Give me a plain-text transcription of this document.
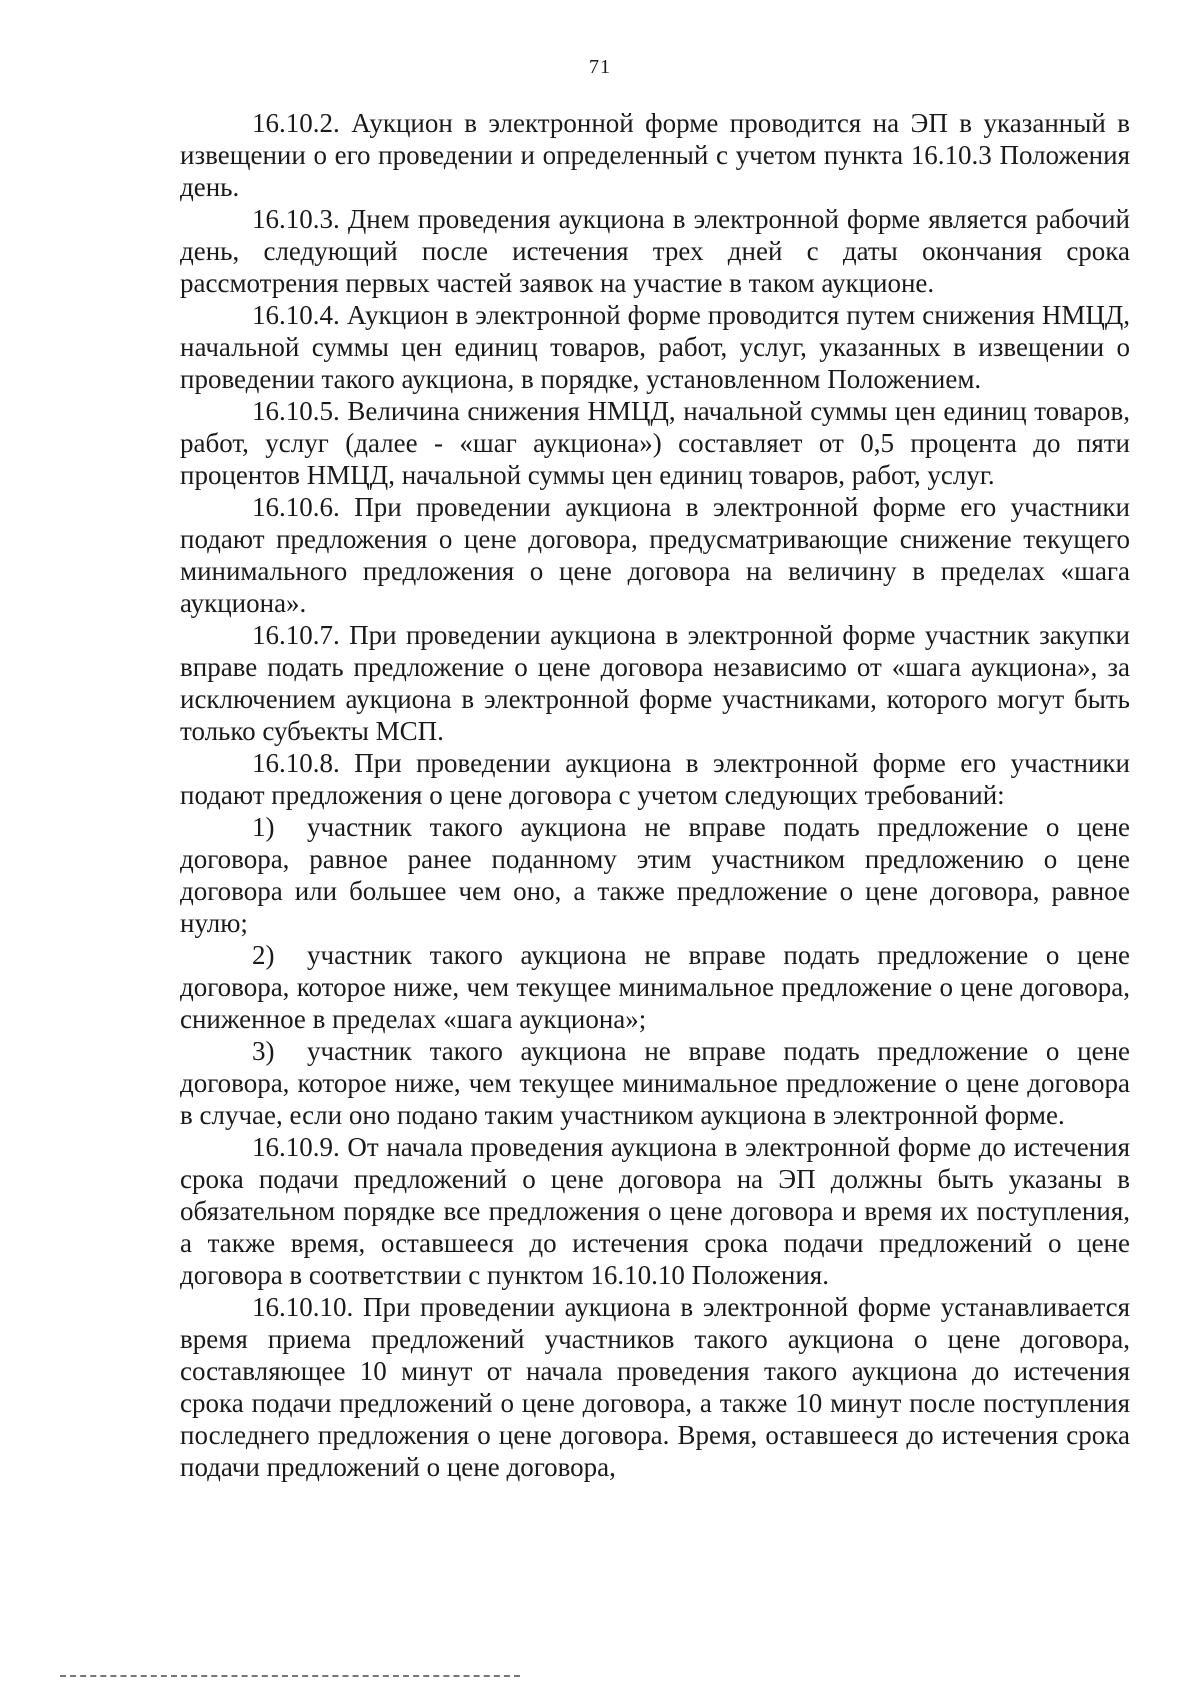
71

16.10.2. Аукцион в электронной форме проводится на ЭП в указанный в извещении о его проведении и определенный с учетом пункта 16.10.3 Положения день.

16.10.3. Днем проведения аукциона в электронной форме является рабочий день, следующий после истечения трех дней с даты окончания срока рассмотрения первых частей заявок на участие в таком аукционе.

16.10.4. Аукцион в электронной форме проводится путем снижения НМЦД, начальной суммы цен единиц товаров, работ, услуг, указанных в извещении о проведении такого аукциона, в порядке, установленном Положением.

16.10.5. Величина снижения НМЦД, начальной суммы цен единиц товаров, работ, услуг (далее - «шаг аукциона») составляет от 0,5 процента до пяти процентов НМЦД, начальной суммы цен единиц товаров, работ, услуг.

16.10.6. При проведении аукциона в электронной форме его участники подают предложения о цене договора, предусматривающие снижение текущего минимального предложения о цене договора на величину в пределах «шага аукциона».

16.10.7. При проведении аукциона в электронной форме участник закупки вправе подать предложение о цене договора независимо от «шага аукциона», за исключением аукциона в электронной форме участниками, которого могут быть только субъекты МСП.

16.10.8. При проведении аукциона в электронной форме его участники подают предложения о цене договора с учетом следующих требований:

1) участник такого аукциона не вправе подать предложение о цене договора, равное ранее поданному этим участником предложению о цене договора или большее чем оно, а также предложение о цене договора, равное нулю;

2) участник такого аукциона не вправе подать предложение о цене договора, которое ниже, чем текущее минимальное предложение о цене договора, сниженное в пределах «шага аукциона»;

3) участник такого аукциона не вправе подать предложение о цене договора, которое ниже, чем текущее минимальное предложение о цене договора в случае, если оно подано таким участником аукциона в электронной форме.

16.10.9. От начала проведения аукциона в электронной форме до истечения срока подачи предложений о цене договора на ЭП должны быть указаны в обязательном порядке все предложения о цене договора и время их поступления, а также время, оставшееся до истечения срока подачи предложений о цене договора в соответствии с пунктом 16.10.10 Положения.

16.10.10. При проведении аукциона в электронной форме устанавливается время приема предложений участников такого аукциона о цене договора, составляющее 10 минут от начала проведения такого аукциона до истечения срока подачи предложений о цене договора, а также 10 минут после поступления последнего предложения о цене договора. Время, оставшееся до истечения срока подачи предложений о цене договора,
